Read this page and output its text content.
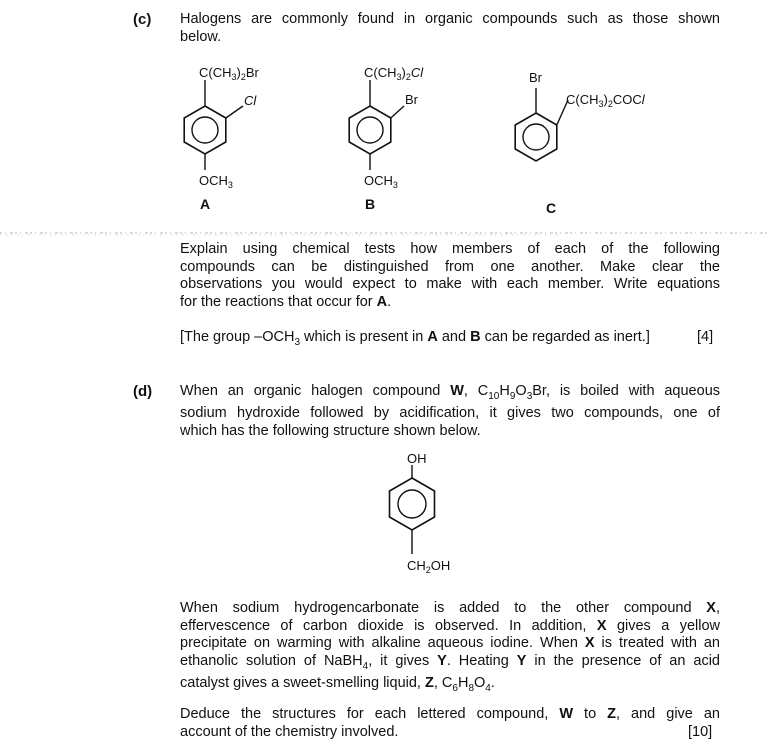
(c) Halogens are commonly found in organic compounds such as those shown
below.
$C(CH_3)_2Br$
Cl
$OCH_3$
A
$C(CH_3)_2Cl$
Br
$OCH_3$
B
Br
$C(CH_3)_2COCl$
C
Explain using chemical tests how members of each of the following
compounds can be distinguished from one another. Make clear the
observations you would expect to make with each member. Write equations
for the reactions that occur for A.
[The group $-OCH_3$ which is present in A and B can be regarded as inert.]	[4]
(d) When an organic halogen compound W, $C_{10}H_9O_3Br$, is boiled with aqueous
sodium hydroxide followed by acidification, it gives two compounds, one of
which has the following structure shown below.
OH
$CH_2OH$
When sodium hydrogencarbonate is added to the other compound X,
effervescence of carbon dioxide is observed. In addition, X gives a yellow
precipitate on warming with alkaline aqueous iodine. When X is treated with an
ethanolic solution of NaBH$_4$, it gives Y. Heating Y in the presence of an acid
catalyst gives a sweet-smelling liquid, Z, $C_6H_8O_4$.
Deduce the structures for each lettered compound, W to Z, and give an
account of the chemistry involved.	[10]
